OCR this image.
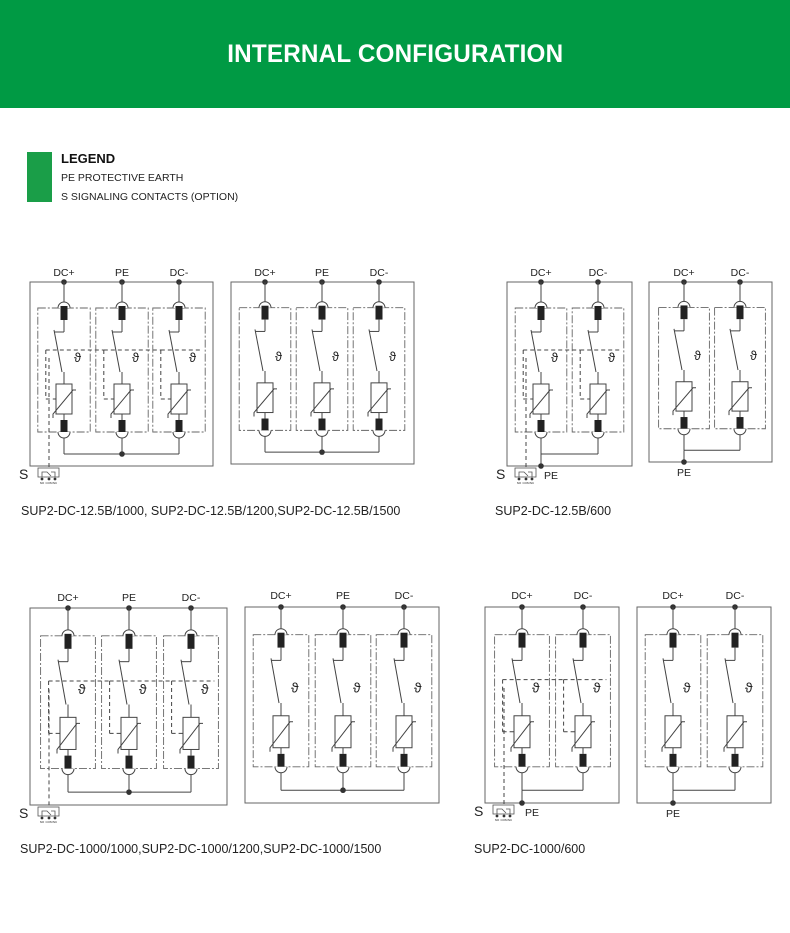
INTERNAL CONFIGURATION
LEGEND
PE PROTECTIVE EARTH
S SIGNALING CONTACTS (OPTION)
DC+
ϑ
PE
ϑ
DC-
ϑ
S
NO COM NC
DC+
ϑ
PE
ϑ
DC-
ϑ
DC+
ϑ
DC-
ϑ
PE
S
NO COM NC
DC+
ϑ
DC-
ϑ
PE
DC+
ϑ
PE
ϑ
DC-
ϑ
S
NO COM NC
DC+
ϑ
PE
ϑ
DC-
ϑ
DC+
ϑ
DC-
ϑ
PE
S
NO COM NC
DC+
ϑ
DC-
ϑ
PE
SUP2-DC-12.5B/1000, SUP2-DC-12.5B/1200,SUP2-DC-12.5B/1500	SUP2-DC-12.5B/600
SUP2-DC-1000/1000,SUP2-DC-1000/1200,SUP2-DC-1000/1500	SUP2-DC-1000/600
